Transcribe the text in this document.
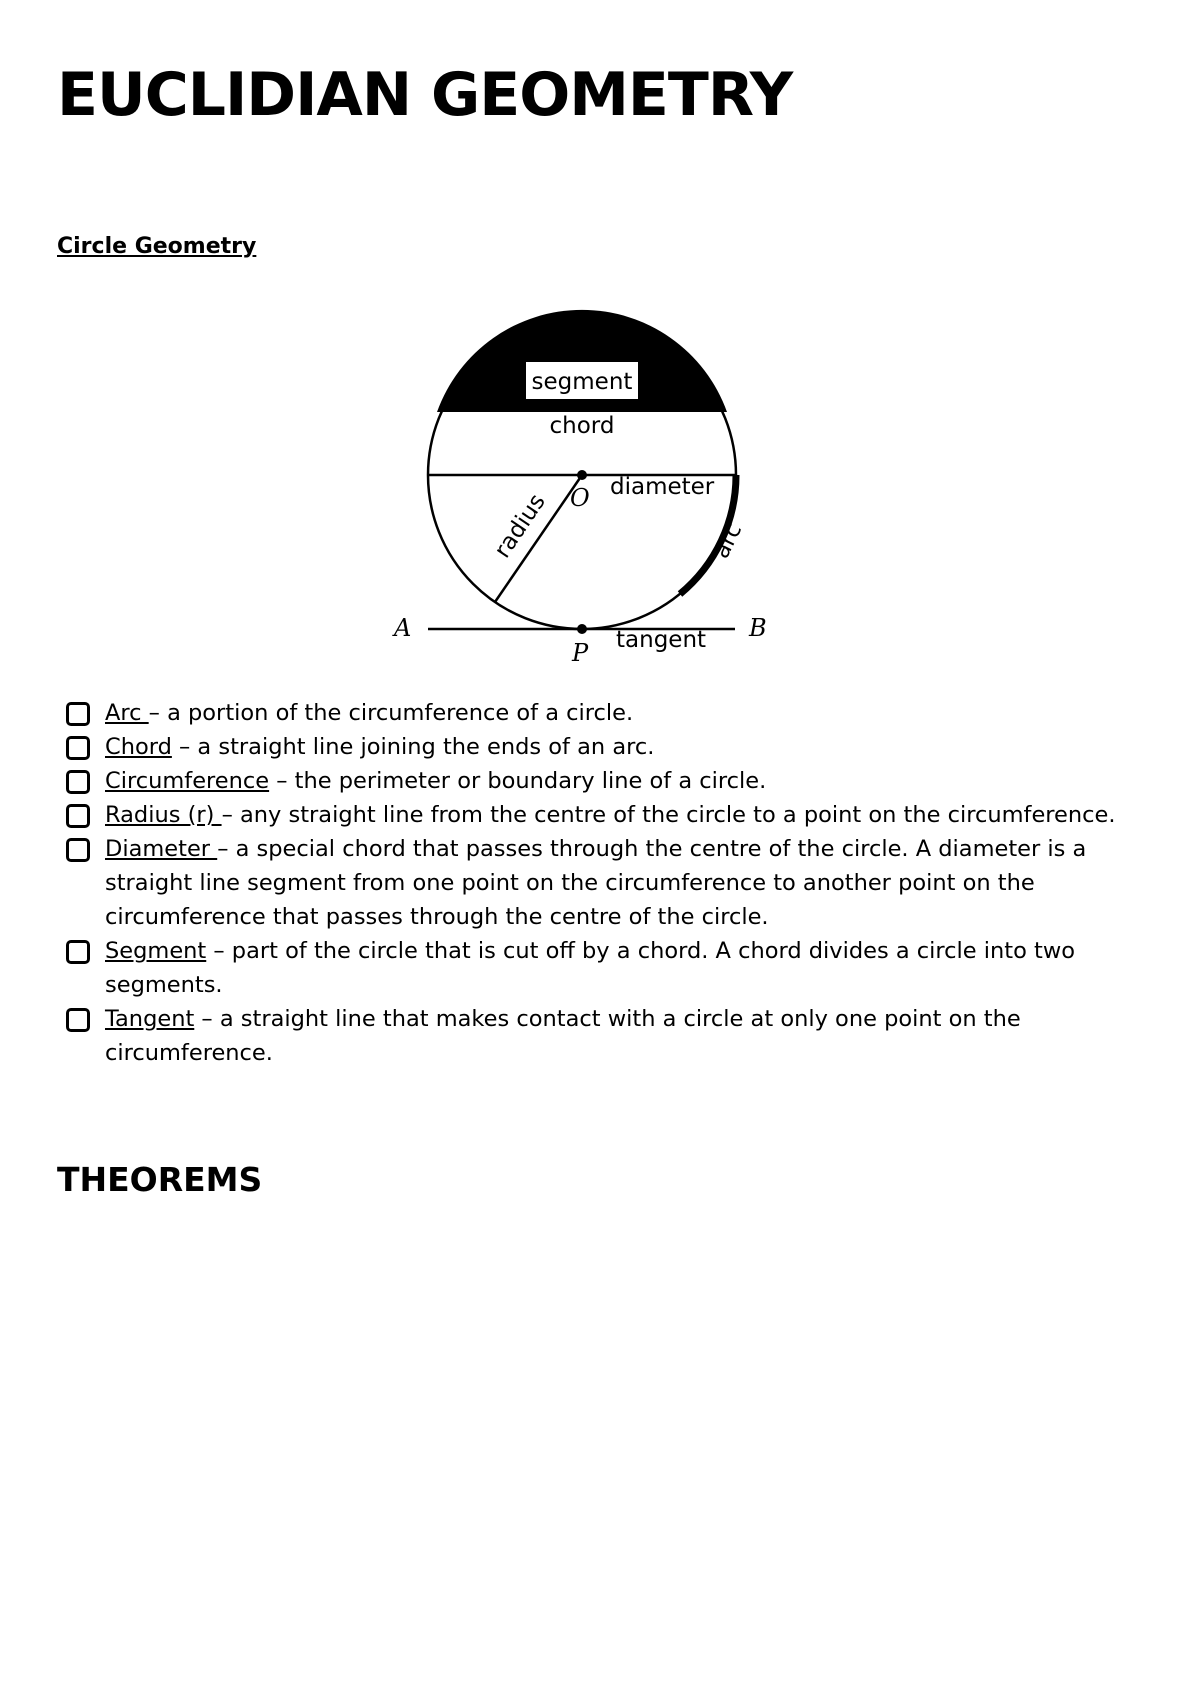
EUCLIDIAN GEOMETRY
Circle Geometry
segment
chord
diameter
radius	arc
tangent
O
P
A	B
Arc – a portion of the circumference of a circle.
Chord – a straight line joining the ends of an arc.
Circumference – the perimeter or boundary line of a circle.
Radius (r) – any straight line from the centre of the circle to a point on the circumference.
Diameter – a special chord that passes through the centre of the circle. A diameter is a straight line segment from one point on the circumference to another point on the circumference that passes through the centre of the circle.
Segment – part of the circle that is cut off by a chord. A chord divides a circle into two segments.
Tangent – a straight line that makes contact with a circle at only one point on the circumference.
THEOREMS
